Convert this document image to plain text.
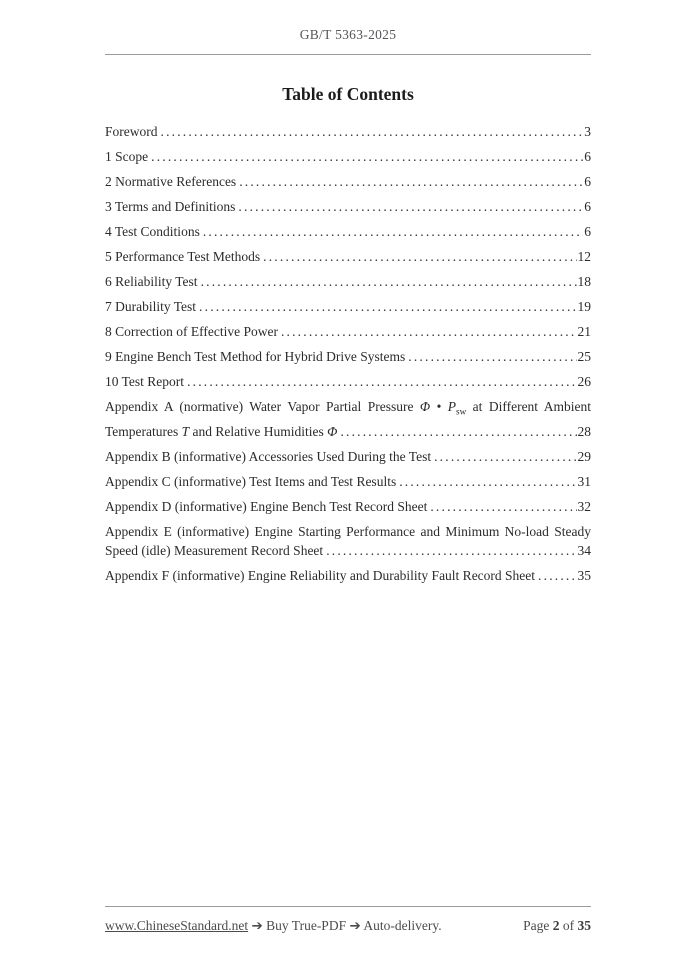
GB/T 5363-2025
Table of Contents
Foreword .....	3
1 Scope .....	6
2 Normative References .....	6
3 Terms and Definitions .....	6
4 Test Conditions .....	6
5 Performance Test Methods .....	12
6 Reliability Test .....	18
7 Durability Test .....	19
8 Correction of Effective Power .....	21
9 Engine Bench Test Method for Hybrid Drive Systems .....	25
10 Test Report .....	26
Appendix A (normative) Water Vapor Partial Pressure Φ • $P_{sw}$ at Different Ambient
Temperatures T and Relative Humidities Φ .....	28
Appendix B (informative) Accessories Used During the Test .....	29
Appendix C (informative) Test Items and Test Results .....	31
Appendix D (informative) Engine Bench Test Record Sheet .....	32
Appendix E (informative) Engine Starting Performance and Minimum No-load Steady
Speed (idle) Measurement Record Sheet .....	34
Appendix F (informative) Engine Reliability and Durability Fault Record Sheet .....	35
www.ChineseStandard.net ➔ Buy True-PDF ➔ Auto-delivery.	Page 2 of 35
